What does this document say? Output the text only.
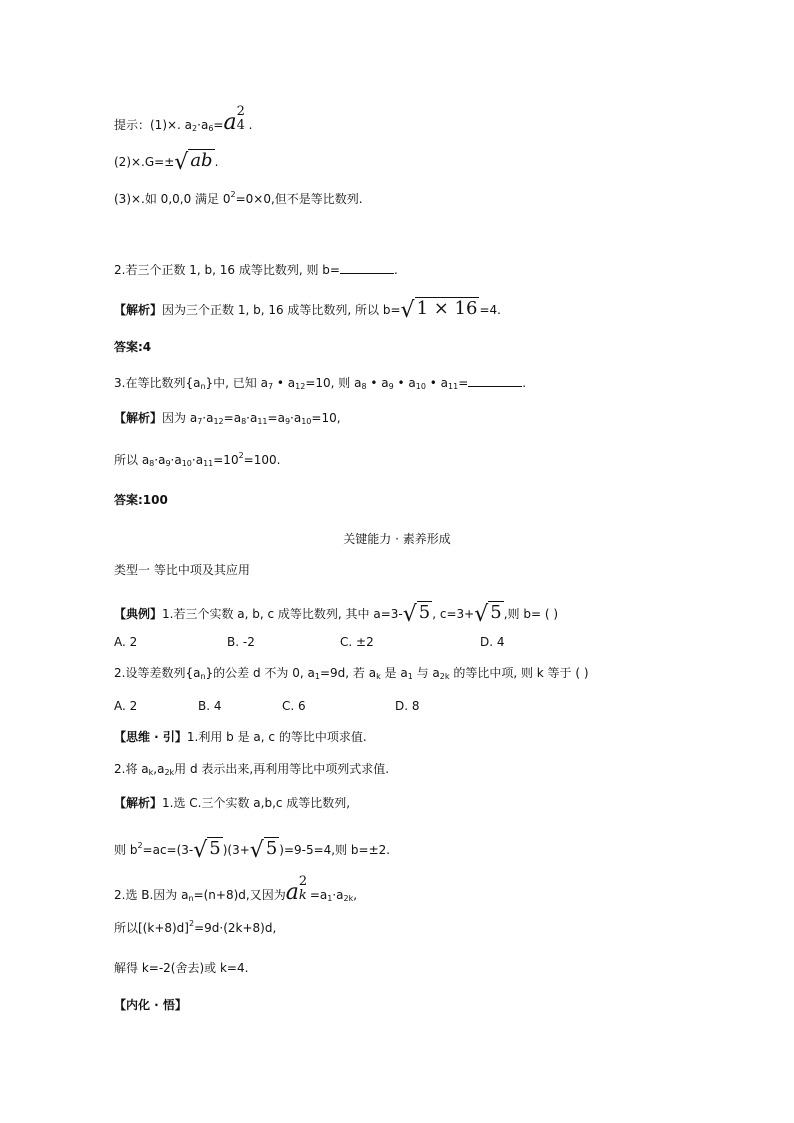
提示：(1)×. $a_2\cdot a_6=a$ 2
4 .
(2)×.G=±√ ab .
(3)×.如 0,0,0 满足 $0^2=0\times 0$,但不是等比数列.
2.若三个正数 1, b, 16 成等比数列, 则 b=	.
【解析】因为三个正数 1, b, 16 成等比数列, 所以 b=√ 1 × 16 =4.
答案:4
3.在等比数列$\{a_n\}$中, 已知 $a_7$ • $a_{12}=10$, 则 $a_8$ • $a_9$ • $a_{10}$ • $a_{11}=$	.
【解析】因为 $a_7\cdot a_{12}=a_8\cdot a_{11}=a_9\cdot a_{10}=10$,
所以 $a_8\cdot a_9\cdot a_{10}\cdot a_{11}=10^2=100$.
答案:100
关键能力 · 素养形成
类型一 等比中项及其应用
【典例】1.若三个实数 a, b, c 成等比数列, 其中 a=3-√ 5 , c=3+√ 5 ,则 b= ( )
A. 2	B. -2	C. ±2	D. 4
2.设等差数列$\{a_n\}$的公差 d 不为 0, $a_1=9d$, 若 $a_k$ 是 $a_1$ 与 $a_{2k}$ 的等比中项, 则 k 等于 ( )
A. 2	B. 4	C. 6	D. 8
【思维 · 引】1.利用 b 是 a, c 的等比中项求值.
2.将 $a_k,a_{2k}$用 d 表示出来,再利用等比中项列式求值.
【解析】1.选 C.三个实数 a,b,c 成等比数列,
则 $b^2=ac=(3-√$ 5 )(3+√ 5 )=9-5=4,则 b=±2.
2.选 B.因为 $a_n=(n+8)d$,又因为a 2
$k =a_1\cdot a_{2k}$,
所以$[(k+8)d]^2=9d\cdot(2k+8)d$,
解得 k=-2(舍去)或 k=4.
【内化 · 悟】
